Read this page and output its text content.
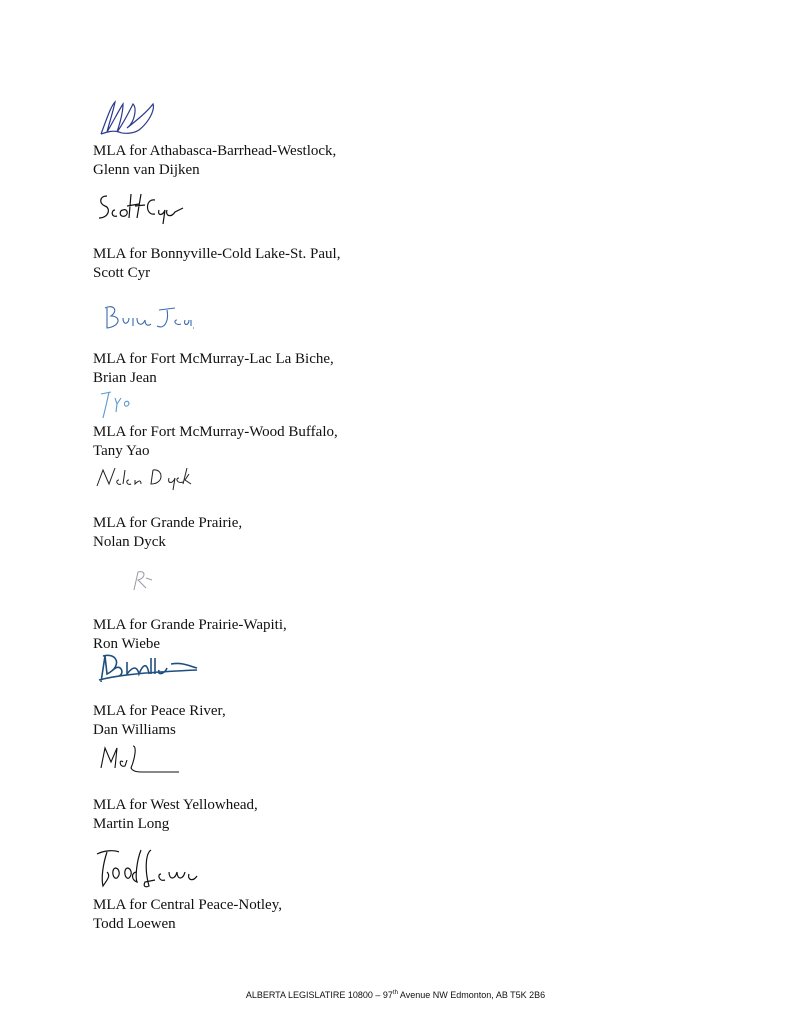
MLA for Athabasca-Barrhead-Westlock,
Glenn van Dijken
MLA for Bonnyville-Cold Lake-St. Paul,
Scott Cyr
MLA for Fort McMurray-Lac La Biche,
Brian Jean
MLA for Fort McMurray-Wood Buffalo,
Tany Yao
MLA for Grande Prairie,
Nolan Dyck
MLA for Grande Prairie-Wapiti,
Ron Wiebe
MLA for Peace River,
Dan Williams
MLA for West Yellowhead,
Martin Long
MLA for Central Peace-Notley,
Todd Loewen
ALBERTA LEGISLATIRE 10800 – 97th Avenue NW Edmonton, AB T5K 2B6
